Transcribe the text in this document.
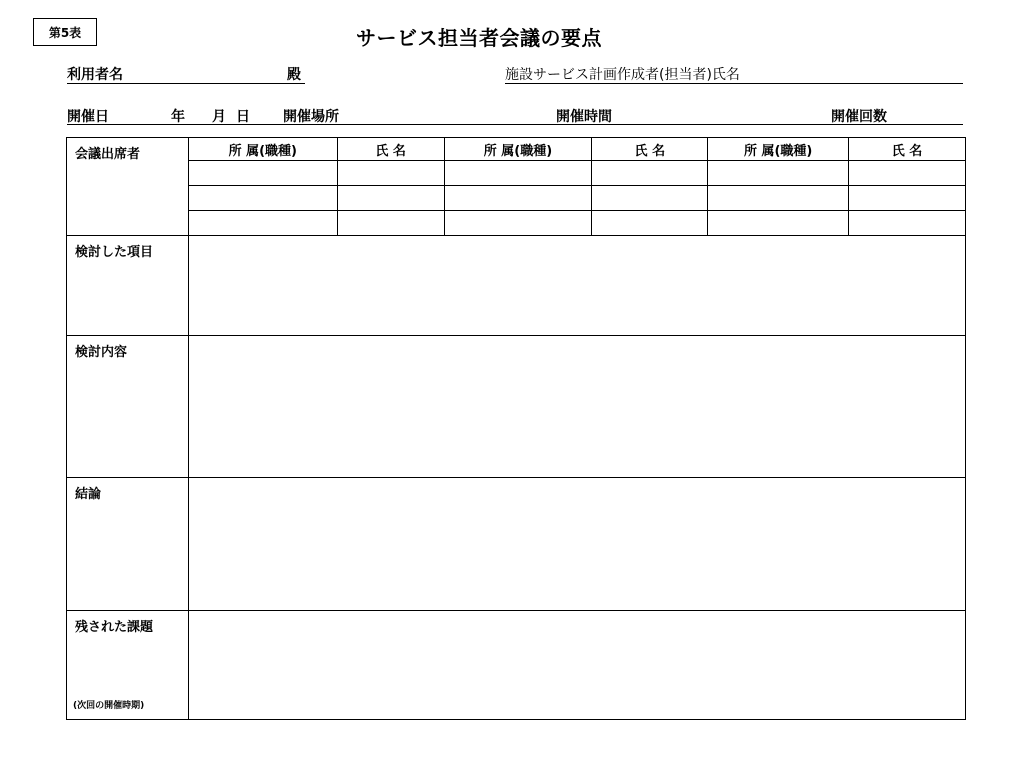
第5表	サービス担当者会議の要点
利用者名	殿	施設サービス計画作成者(担当者)氏名
開催日	年 月 日 開催場所	開催時間	開催回数
会議出席者	所 属(職種)	氏 名	所 属(職種)	氏 名	所 属(職種)	氏 名

検討した項目						
検討内容						
結論						
残された課題
(次回の開催時期)						
